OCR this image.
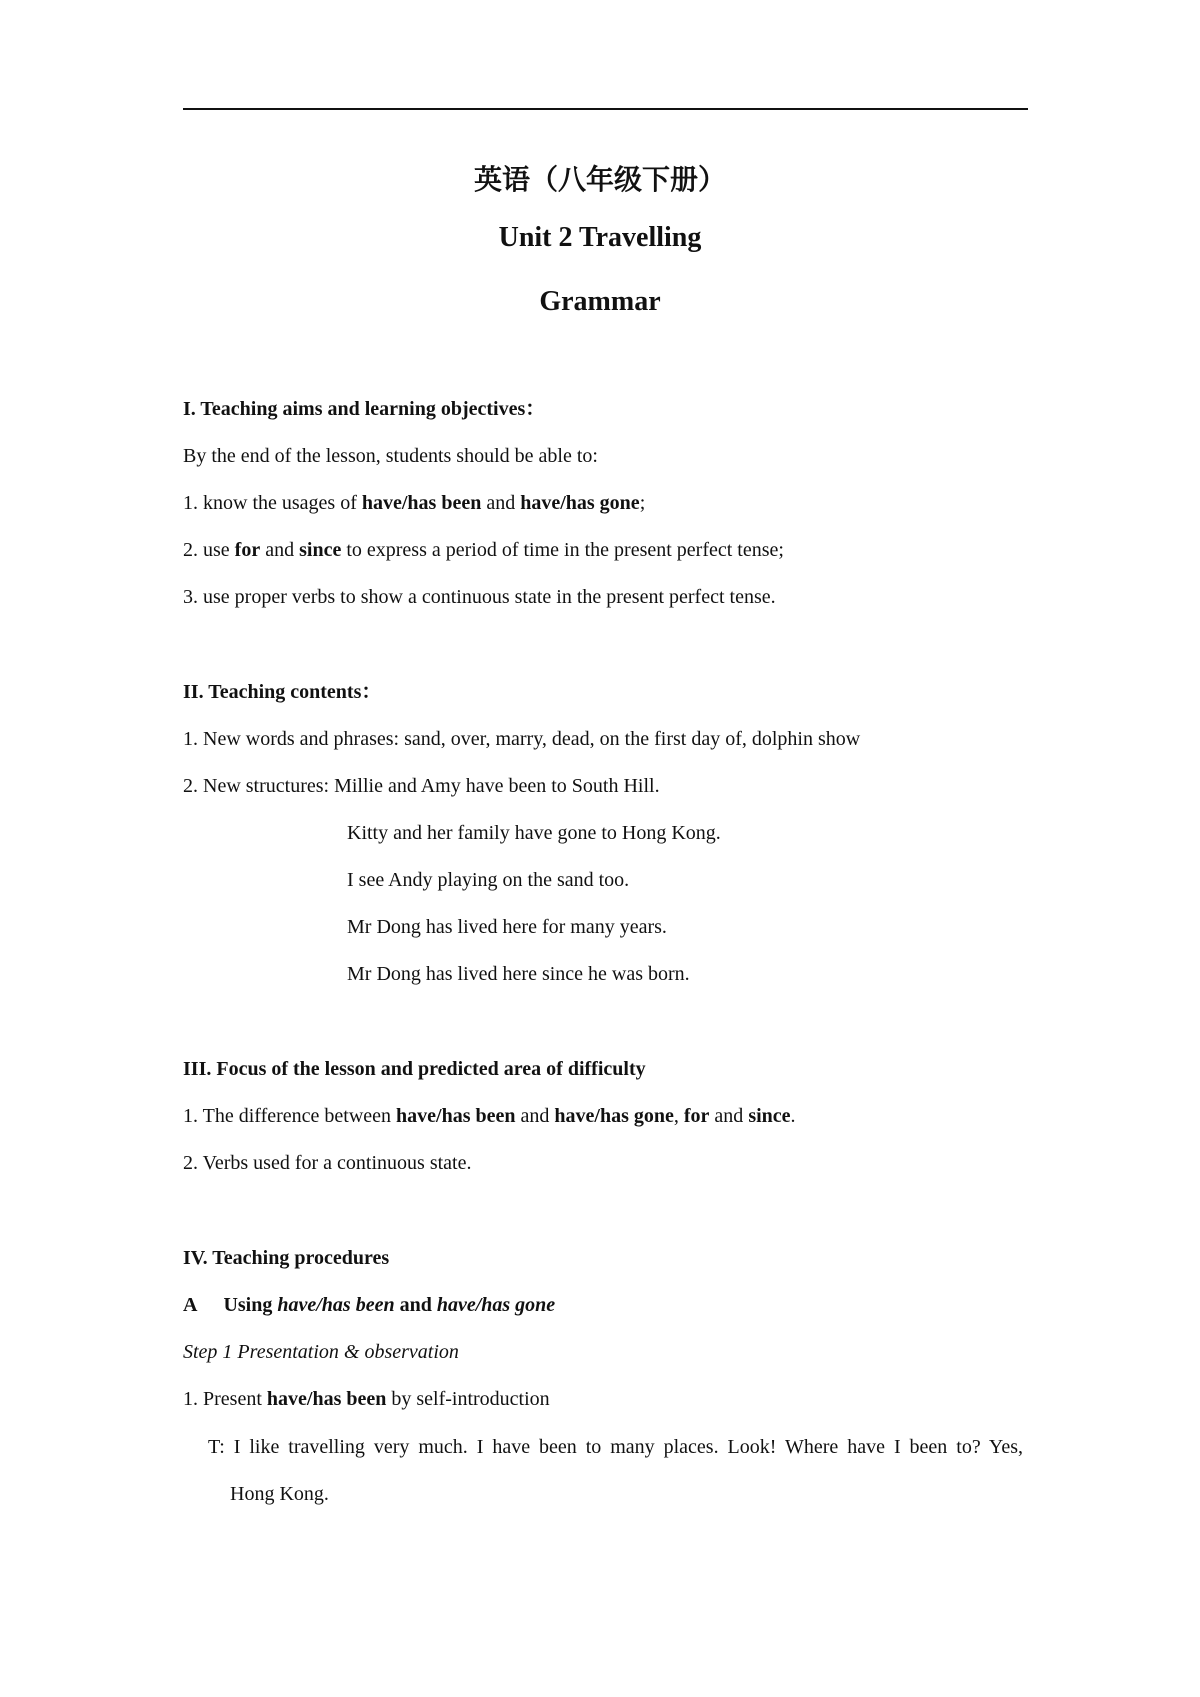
英语（八年级下册）
Unit 2 Travelling
Grammar
I. Teaching aims and learning objectives：
By the end of the lesson, students should be able to:
1. know the usages of have/has been and have/has gone;
2. use for and since to express a period of time in the present perfect tense;
3. use proper verbs to show a continuous state in the present perfect tense.
II. Teaching contents：
1. New words and phrases: sand, over, marry, dead, on the first day of, dolphin show
2. New structures: Millie and Amy have been to South Hill.
Kitty and her family have gone to Hong Kong.
I see Andy playing on the sand too.
Mr Dong has lived here for many years.
Mr Dong has lived here since he was born.
III. Focus of the lesson and predicted area of difficulty
1. The difference between have/has been and have/has gone, for and since.
2. Verbs used for a continuous state.
IV. Teaching procedures
A Using have/has been and have/has gone
Step 1 Presentation & observation
1. Present have/has been by self-introduction
T: I like travelling very much. I have been to many places. Look! Where have I been to? Yes,
Hong Kong.
